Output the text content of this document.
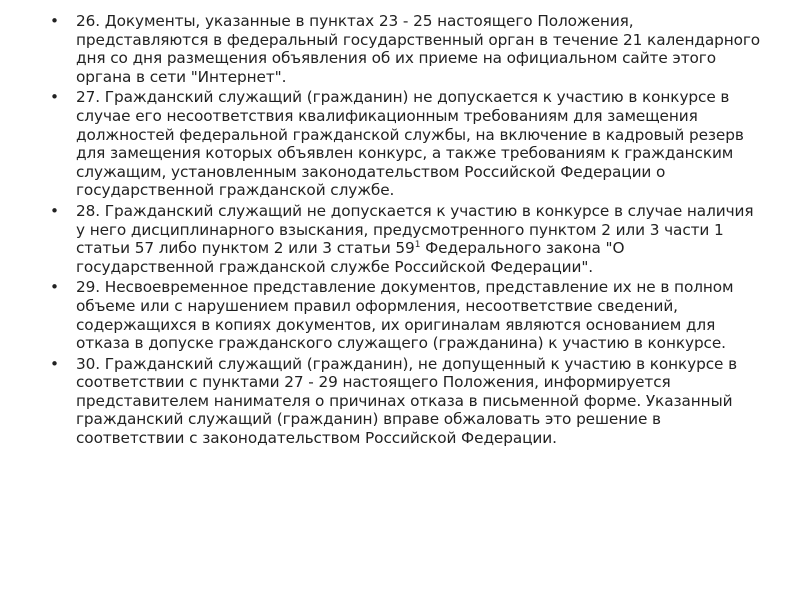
• 26. Документы, указанные в пунктах 23 - 25 настоящего Положения, представляются в федеральный государственный орган в течение 21 календарного дня со дня размещения объявления об их приеме на официальном сайте этого органа в сети "Интернет".
• 27. Гражданский служащий (гражданин) не допускается к участию в конкурсе в случае его несоответствия квалификационным требованиям для замещения должностей федеральной гражданской службы, на включение в кадровый резерв для замещения которых объявлен конкурс, а также требованиям к гражданским служащим, установленным законодательством Российской Федерации о государственной гражданской службе.
• 28. Гражданский служащий не допускается к участию в конкурсе в случае наличия у него дисциплинарного взыскания, предусмотренного пунктом 2 или 3 части 1 статьи 57 либо пунктом 2 или 3 статьи $59^1$ Федерального закона "О государственной гражданской службе Российской Федерации".
• 29. Несвоевременное представление документов, представление их не в полном объеме или с нарушением правил оформления, несоответствие сведений, содержащихся в копиях документов, их оригиналам являются основанием для отказа в допуске гражданского служащего (гражданина) к участию в конкурсе.
• 30. Гражданский служащий (гражданин), не допущенный к участию в конкурсе в соответствии с пунктами 27 - 29 настоящего Положения, информируется представителем нанимателя о причинах отказа в письменной форме. Указанный гражданский служащий (гражданин) вправе обжаловать это решение в соответствии с законодательством Российской Федерации.
